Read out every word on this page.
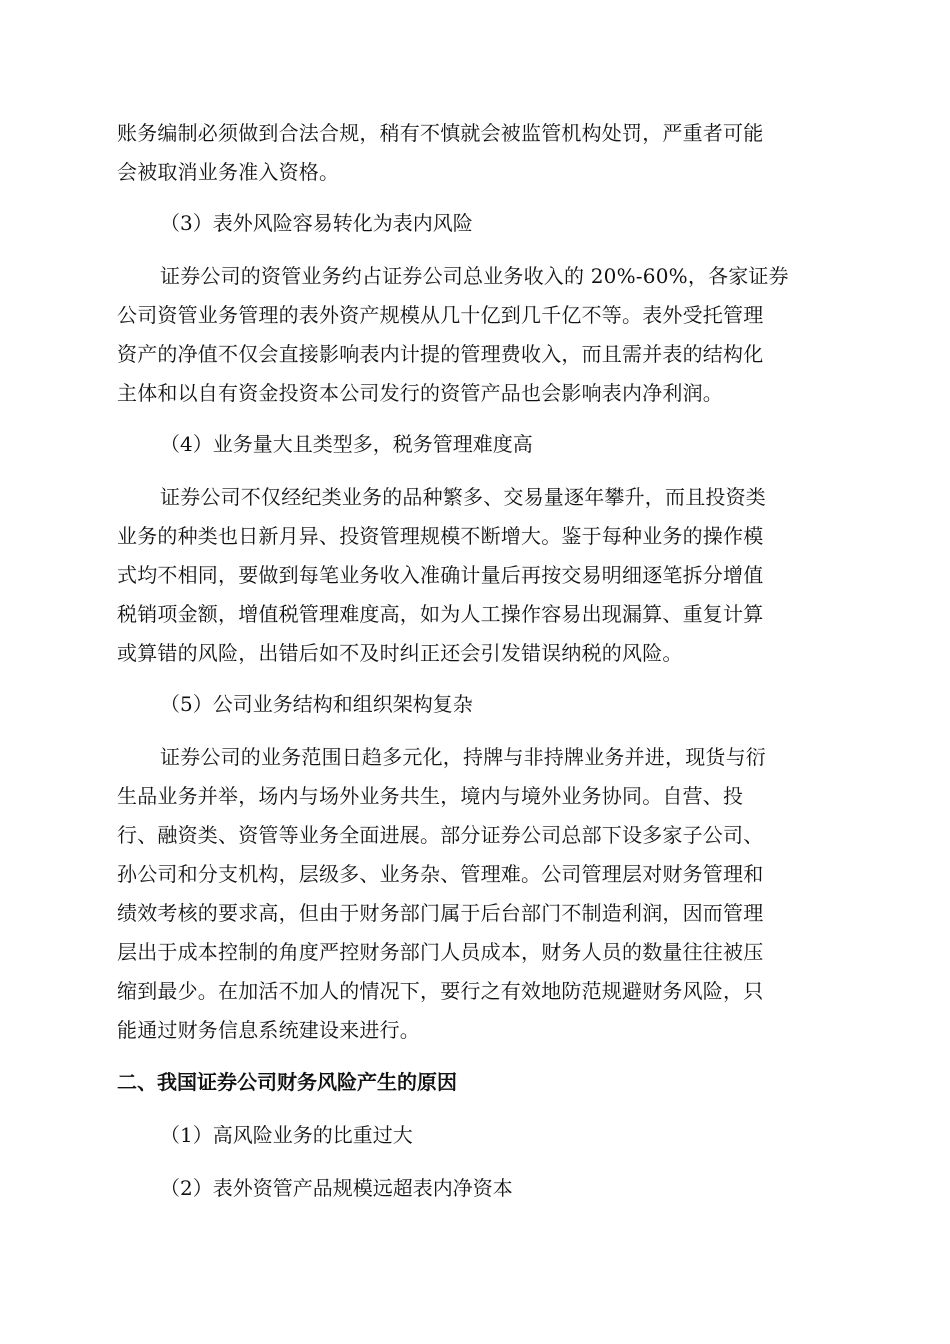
账务编制必须做到合法合规，稍有不慎就会被监管机构处罚，严重者可能
会被取消业务准入资格。

（3）表外风险容易转化为表内风险

证券公司的资管业务约占证券公司总业务收入的 20%-60%，各家证券
公司资管业务管理的表外资产规模从几十亿到几千亿不等。表外受托管理
资产的净值不仅会直接影响表内计提的管理费收入，而且需并表的结构化
主体和以自有资金投资本公司发行的资管产品也会影响表内净利润。

（4）业务量大且类型多，税务管理难度高

证券公司不仅经纪类业务的品种繁多、交易量逐年攀升，而且投资类
业务的种类也日新月异、投资管理规模不断增大。鉴于每种业务的操作模
式均不相同，要做到每笔业务收入准确计量后再按交易明细逐笔拆分增值
税销项金额，增值税管理难度高，如为人工操作容易出现漏算、重复计算
或算错的风险，出错后如不及时纠正还会引发错误纳税的风险。

（5）公司业务结构和组织架构复杂

证券公司的业务范围日趋多元化，持牌与非持牌业务并进，现货与衍
生品业务并举，场内与场外业务共生，境内与境外业务协同。自营、投
行、融资类、资管等业务全面进展。部分证券公司总部下设多家子公司、
孙公司和分支机构，层级多、业务杂、管理难。公司管理层对财务管理和
绩效考核的要求高，但由于财务部门属于后台部门不制造利润，因而管理
层出于成本控制的角度严控财务部门人员成本，财务人员的数量往往被压
缩到最少。在加活不加人的情况下，要行之有效地防范规避财务风险，只
能通过财务信息系统建设来进行。

二、我国证券公司财务风险产生的原因

（1）高风险业务的比重过大

（2）表外资管产品规模远超表内净资本
